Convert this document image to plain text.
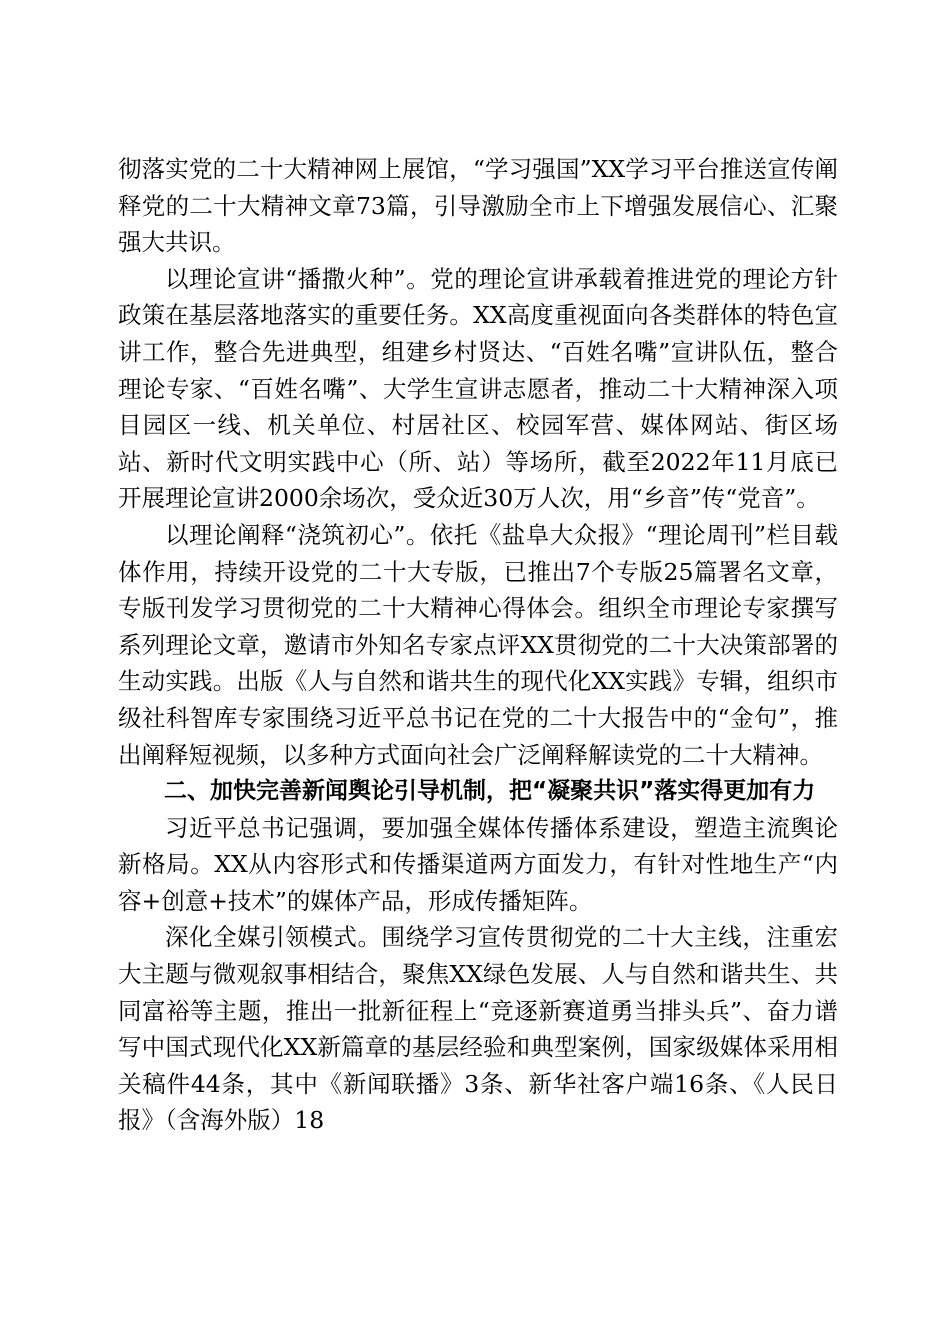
彻落实党的二十大精神网上展馆，“学习强国”XX学习平台推送宣传阐释党的二十大精神文章73篇，引导激励全市上下增强发展信心、汇聚强大共识。

以理论宣讲“播撒火种”。党的理论宣讲承载着推进党的理论方针政策在基层落地落实的重要任务。XX高度重视面向各类群体的特色宣讲工作，整合先进典型，组建乡村贤达、“百姓名嘴”宣讲队伍，整合理论专家、“百姓名嘴”、大学生宣讲志愿者，推动二十大精神深入项目园区一线、机关单位、村居社区、校园军营、媒体网站、街区场站、新时代文明实践中心（所、站）等场所，截至2022年11月底已开展理论宣讲2000余场次，受众近30万人次，用“乡音”传“党音”。

以理论阐释“浇筑初心”。依托《盐阜大众报》“理论周刊”栏目载体作用，持续开设党的二十大专版，已推出7个专版25篇署名文章，专版刊发学习贯彻党的二十大精神心得体会。组织全市理论专家撰写系列理论文章，邀请市外知名专家点评XX贯彻党的二十大决策部署的生动实践。出版《人与自然和谐共生的现代化XX实践》专辑，组织市级社科智库专家围绕习近平总书记在党的二十大报告中的“金句”，推出阐释短视频，以多种方式面向社会广泛阐释解读党的二十大精神。

二、加快完善新闻舆论引导机制，把“凝聚共识”落实得更加有力

习近平总书记强调，要加强全媒体传播体系建设，塑造主流舆论新格局。XX从内容形式和传播渠道两方面发力，有针对性地生产“内容+创意+技术”的媒体产品，形成传播矩阵。

深化全媒引领模式。围绕学习宣传贯彻党的二十大主线，注重宏大主题与微观叙事相结合，聚焦XX绿色发展、人与自然和谐共生、共同富裕等主题，推出一批新征程上“竞逐新赛道勇当排头兵”、奋力谱写中国式现代化XX新篇章的基层经验和典型案例，国家级媒体采用相关稿件44条，其中《新闻联播》3条、新华社客户端16条、《人民日报》（含海外版）18
